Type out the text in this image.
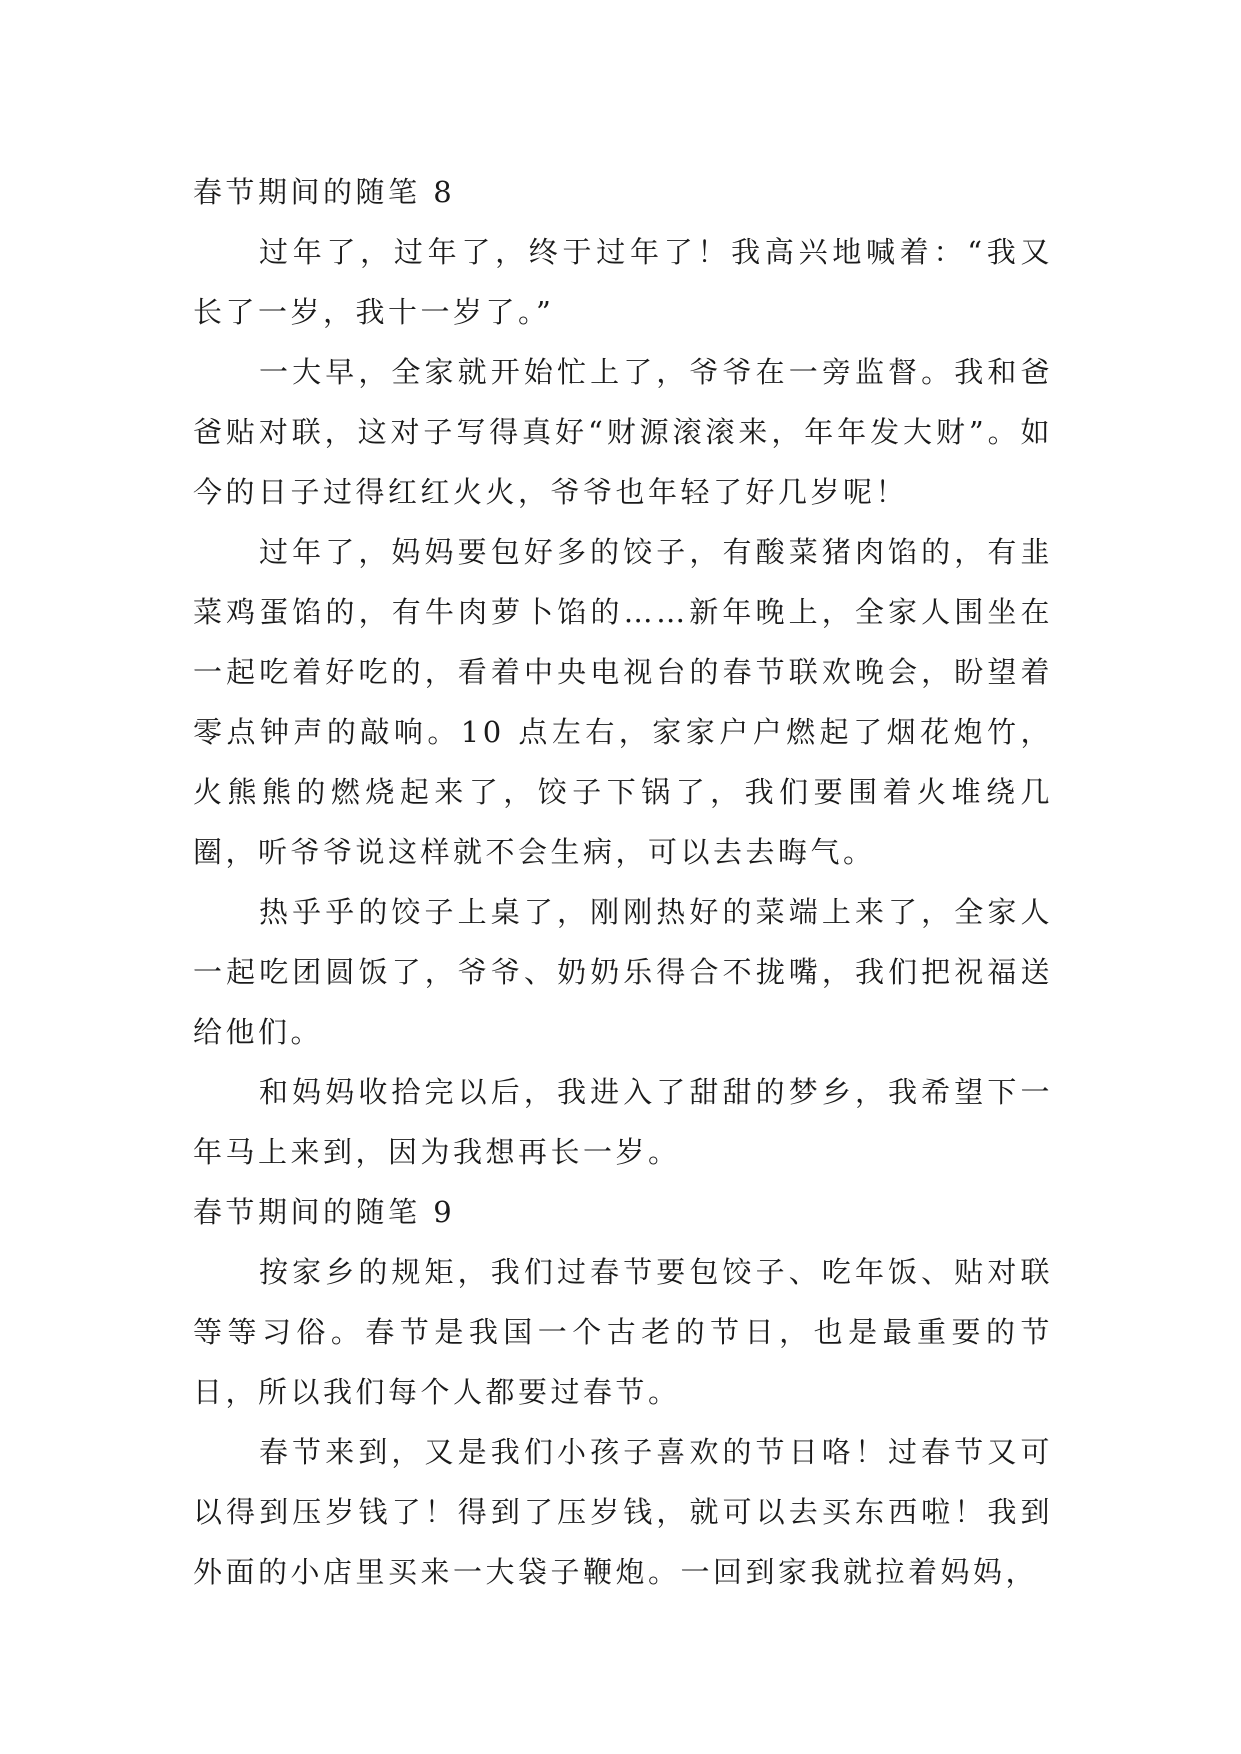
春节期间的随笔 8

过年了，过年了，终于过年了！我高兴地喊着：“我又长了一岁，我十一岁了。”

一大早，全家就开始忙上了，爷爷在一旁监督。我和爸爸贴对联，这对子写得真好“财源滚滚来，年年发大财”。如今的日子过得红红火火，爷爷也年轻了好几岁呢！

过年了，妈妈要包好多的饺子，有酸菜猪肉馅的，有韭菜鸡蛋馅的，有牛肉萝卜馅的……新年晚上，全家人围坐在一起吃着好吃的，看着中央电视台的春节联欢晚会，盼望着零点钟声的敲响。10 点左右，家家户户燃起了烟花炮竹，火熊熊的燃烧起来了，饺子下锅了，我们要围着火堆绕几圈，听爷爷说这样就不会生病，可以去去晦气。

热乎乎的饺子上桌了，刚刚热好的菜端上来了，全家人一起吃团圆饭了，爷爷、奶奶乐得合不拢嘴，我们把祝福送给他们。

和妈妈收拾完以后，我进入了甜甜的梦乡，我希望下一年马上来到，因为我想再长一岁。

春节期间的随笔 9

按家乡的规矩，我们过春节要包饺子、吃年饭、贴对联等等习俗。春节是我国一个古老的节日，也是最重要的节日，所以我们每个人都要过春节。

春节来到，又是我们小孩子喜欢的节日咯！过春节又可以得到压岁钱了！得到了压岁钱，就可以去买东西啦！我到外面的小店里买来一大袋子鞭炮。一回到家我就拉着妈妈，
